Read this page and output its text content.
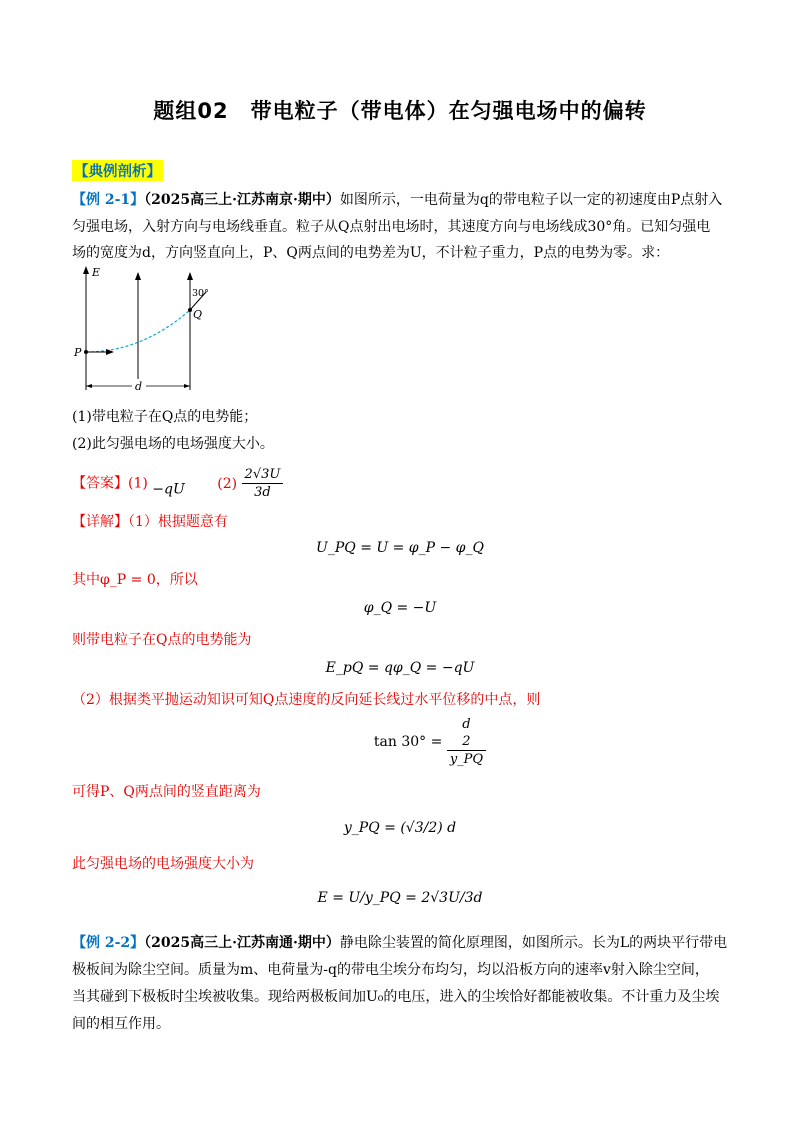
题组02　带电粒子（带电体）在匀强电场中的偏转
【典例剖析】

【例 2-1】（2025高三上·江苏南京·期中）如图所示，一电荷量为q的带电粒子以一定的初速度由P点射入

匀强电场，入射方向与电场线垂直。粒子从Q点射出电场时，其速度方向与电场线成30°角。已知匀强电

场的宽度为d，方向竖直向上，P、Q两点间的电势差为U，不计粒子重力，P点的电势为零。求：

E
P
Q
30°
d

(1)带电粒子在Q点的电势能；

(2)此匀强电场的电场强度大小。

【答案】(1) −qU $(2) \frac{2√3U}{3d}$

【详解】（1）根据题意有

U_PQ = U = φ_P − φ_Q

其中φ_P = 0，所以

φ_Q = −U

则带电粒子在Q点的电势能为

E_pQ = qφ_Q = −qU

（2）根据类平抛运动知识可知Q点速度的反向延长线过水平位移的中点，则

tan 30° =
d
2
y_PQ

可得P、Q两点间的竖直距离为

y_PQ = (√3/2) d

此匀强电场的电场强度大小为

E = U/y_PQ = 2√3U/3d

【例 2-2】（2025高三上·江苏南通·期中）静电除尘装置的简化原理图，如图所示。长为L的两块平行带电

极板间为除尘空间。质量为m、电荷量为-q的带电尘埃分布均匀，均以沿板方向的速率v射入除尘空间，

当其碰到下极板时尘埃被收集。现给两极板间加U₀的电压，进入的尘埃恰好都能被收集。不计重力及尘埃

间的相互作用。
